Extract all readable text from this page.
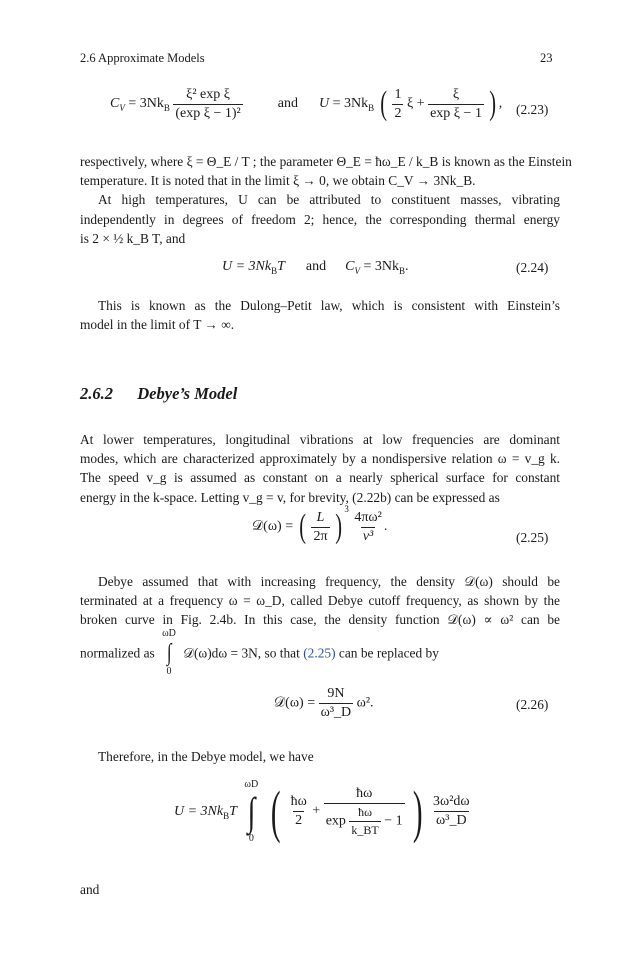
2.6 Approximate Models	23
$C_V = 3Nk_B \frac{\text{ξ² exp ξ}}{\text{(exp ξ − 1)²}}$	and $U = 3Nk_B$ ( $\frac{1}{2}$ $\xi + \frac{\xi}{\text{exp ξ − 1}}$ ) , (2.23)
respectively, where ξ = Θ_E / T ; the parameter Θ_E = ħω_E / k_B is known as the Einstein
temperature. It is noted that in the limit ξ → 0, we obtain C_V → 3Nk_B.
At high temperatures, U can be attributed to constituent masses, vibrating
independently in degrees of freedom 2; hence, the corresponding thermal energy
is 2 × ½ k_B T, and
$U = 3Nk_BT$ and $C_V = 3Nk_B$.	(2.24)
This is known as the Dulong–Petit law, which is consistent with Einstein’s
model in the limit of T → ∞.
2.6.2 Debye’s Model
At lower temperatures, longitudinal vibrations at low frequencies are dominant
modes, which are characterized approximately by a nondispersive relation ω = v_g k.
The speed v_g is assumed as constant on a nearly spherical surface for constant
energy in the k-space. Letting v_g = v, for brevity, (2.22b) can be expressed as
𝒟(ω) = ( $\frac{L}{2\pi}$ ) $^3$
$\frac{\text{4πω²}}{\text{v³}}$ .
(2.25)
Debye assumed that with increasing frequency, the density 𝒟(ω) should be
terminated at a frequency ω = ω_D, called Debye cutoff frequency, as shown by the
broken curve in Fig. 2.4b. In this case, the density function 𝒟(ω) ∝ ω² can be
normalized as
ωD
∫
0
𝒟(ω)dω = 3N, so that (2.25) can be replaced by
𝒟(ω) = $\frac{9N}{\text{ω³\_D}} \omega^2$.	(2.26)
Therefore, in the Debye model, we have
$U = 3Nk_BT$
ωD
∫
0 ( $\frac{ħ\omega}{2} + \frac{ħ\omega}{\exp \frac{ħ\omega}{k\_BT} - 1}$ ) $\frac{\text{3ω²dω}}{\text{ω³\_D}}$
and
